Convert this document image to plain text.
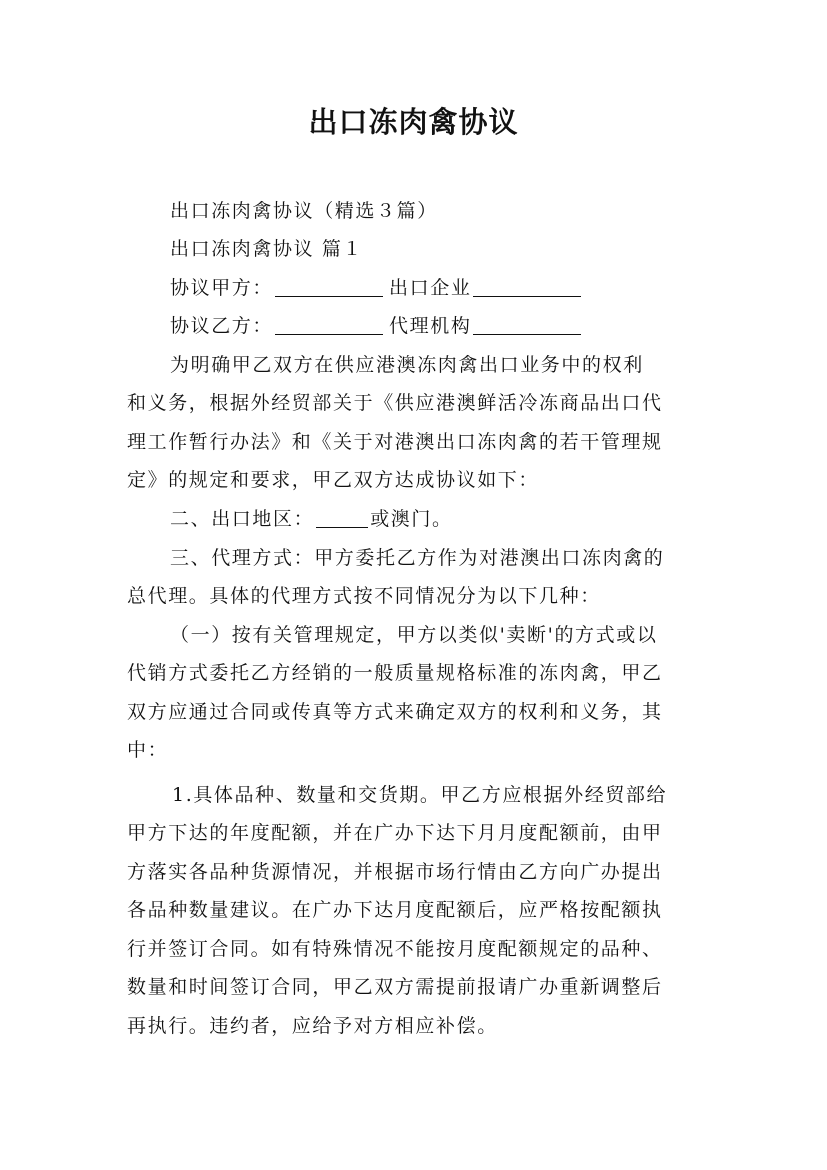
出口冻肉禽协议
出口冻肉禽协议（精选３篇）
出口冻肉禽协议 篇１
协议甲方：	出口企业
协议乙方：	代理机构
为明确甲乙双方在供应港澳冻肉禽出口业务中的权利
和义务，根据外经贸部关于《供应港澳鲜活冷冻商品出口代
理工作暂行办法》和《关于对港澳出口冻肉禽的若干管理规
定》的规定和要求，甲乙双方达成协议如下：
二、出口地区：	或澳门。
三、代理方式：甲方委托乙方作为对港澳出口冻肉禽的
总代理。具体的代理方式按不同情况分为以下几种：
（一）按有关管理规定，甲方以类似'卖断'的方式或以
代销方式委托乙方经销的一般质量规格标准的冻肉禽，甲乙
双方应通过合同或传真等方式来确定双方的权利和义务，其
中：
1.具体品种、数量和交货期。甲乙方应根据外经贸部给
甲方下达的年度配额，并在广办下达下月月度配额前，由甲
方落实各品种货源情况，并根据市场行情由乙方向广办提出
各品种数量建议。在广办下达月度配额后，应严格按配额执
行并签订合同。如有特殊情况不能按月度配额规定的品种、
数量和时间签订合同，甲乙双方需提前报请广办重新调整后
再执行。违约者，应给予对方相应补偿。
